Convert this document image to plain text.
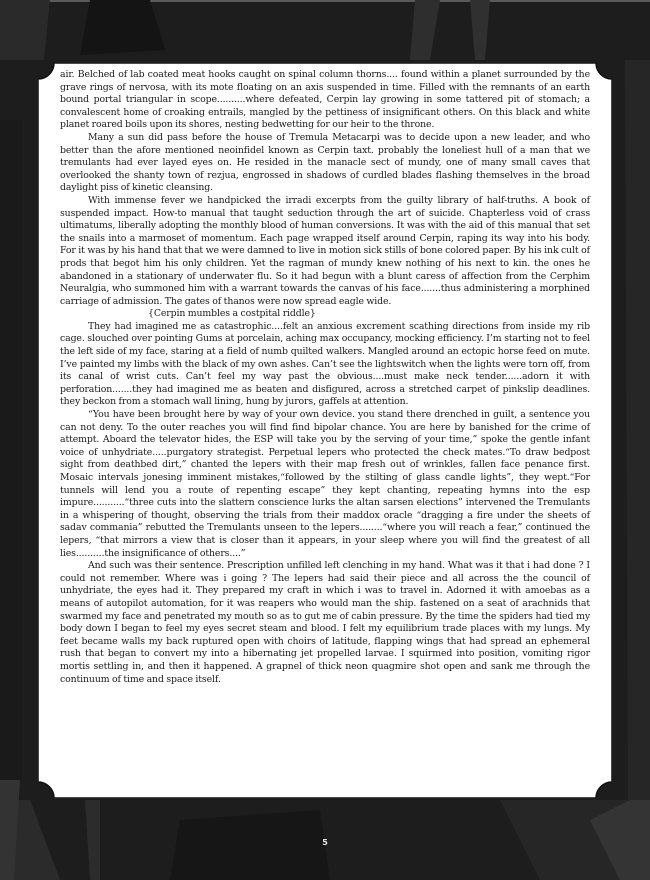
air. Belched of lab coated meat hooks caught on spinal column thorns.... found within a planet surrounded by the grave rings of nervosa, with its mote floating on an axis suspended in time. Filled with the remnants of an earth bound portal triangular in scope..........where defeated, Cerpin lay growing in some tattered pit of stomach; a convalescent home of croaking entrails, mangled by the pettiness of insignificant others. On this black and white planet roared boils upon its shores, nesting bedwetting for our heir to the throne.

Many a sun did pass before the house of Tremula Metacarpi was to decide upon a new leader, and who better than the afore mentioned neoinfidel known as Cerpin taxt. probably the loneliest hull of a man that we tremulants had ever layed eyes on. He resided in the manacle sect of mundy, one of many small caves that overlooked the shanty town of rezjua, engrossed in shadows of curdled blades flashing themselves in the broad daylight piss of kinetic cleansing.

With immense fever we handpicked the irradi excerpts from the guilty library of half-truths. A book of suspended impact. How-to manual that taught seduction through the art of suicide. Chapterless void of crass ultimatums, liberally adopting the monthly blood of human conversions. It was with the aid of this manual that set the snails into a marmoset of momentum. Each page wrapped itself around Cerpin, raping its way into his body. For it was by his hand that that we were damned to live in motion sick stills of bone colored paper. By his ink cult of prods that begot him his only children. Yet the ragman of mundy knew nothing of his next to kin. the ones he abandoned in a stationary of underwater flu. So it had begun with a blunt caress of affection from the Cerphim Neuralgia, who summoned him with a warrant towards the canvas of his face.......thus administering a morphined carriage of admission. The gates of thanos were now spread eagle wide.

{Cerpin mumbles a costpital riddle}

They had imagined me as catastrophic....felt an anxious excrement scathing directions from inside my rib cage. slouched over pointing Gums at porcelain, aching max occupancy, mocking efficiency. I’m starting not to feel the left side of my face, staring at a field of numb quilted walkers. Mangled around an ectopic horse feed on mute. I’ve painted my limbs with the black of my own ashes. Can’t see the lightswitch when the lights were torn off, from its canal of wrist cuts. Can’t feel my way past the obvious....must make neck tender......adorn it with perforation.......they had imagined me as beaten and disfigured, across a stretched carpet of pinkslip deadlines. they beckon from a stomach wall lining, hung by jurors, gaffels at attention.

“You have been brought here by way of your own device. you stand there drenched in guilt, a sentence you can not deny. To the outer reaches you will find find bipolar chance. You are here by banished for the crime of attempt. Aboard the televator hides, the ESP will take you by the serving of your time,” spoke the gentle infant voice of unhydriate.....purgatory strategist. Perpetual lepers who protected the check mates.“To draw bedpost sight from deathbed dirt,” chanted the lepers with their map fresh out of wrinkles, fallen face penance first. Mosaic intervals jonesing imminent mistakes,“followed by the stilting of glass candle lights”, they wept.“For tunnels will lend you a route of repenting escape” they kept chanting, repeating hymns into the esp impure...........“three cuts into the slattern conscience lurks the altan sarsen elections” intervened the Tremulants in a whispering of thought, observing the trials from their maddox oracle “dragging a fire under the sheets of sadav commania” rebutted the Tremulants unseen to the lepers........“where you will reach a fear,” continued the lepers, “that mirrors a view that is closer than it appears, in your sleep where you will find the greatest of all lies..........the insignificance of others....”

And such was their sentence. Prescription unfilled left clenching in my hand. What was it that i had done ? I could not remember. Where was i going ? The lepers had said their piece and all across the the council of unhydriate, the eyes had it. They prepared my craft in which i was to travel in. Adorned it with amoebas as a means of autopilot automation, for it was reapers who would man the ship. fastened on a seat of arachnids that swarmed my face and penetrated my mouth so as to gut me of cabin pressure. By the time the spiders had tied my body down I began to feel my eyes secret steam and blood. I felt my equilibrium trade places with my lungs. My feet became walls my back ruptured open with choirs of latitude, flapping wings that had spread an ephemeral rush that began to convert my into a hibernating jet propelled larvae. I squirmed into position, vomiting rigor mortis settling in, and then it happened. A grapnel of thick neon quagmire shot open and sank me through the continuum of time and space itself.

5
